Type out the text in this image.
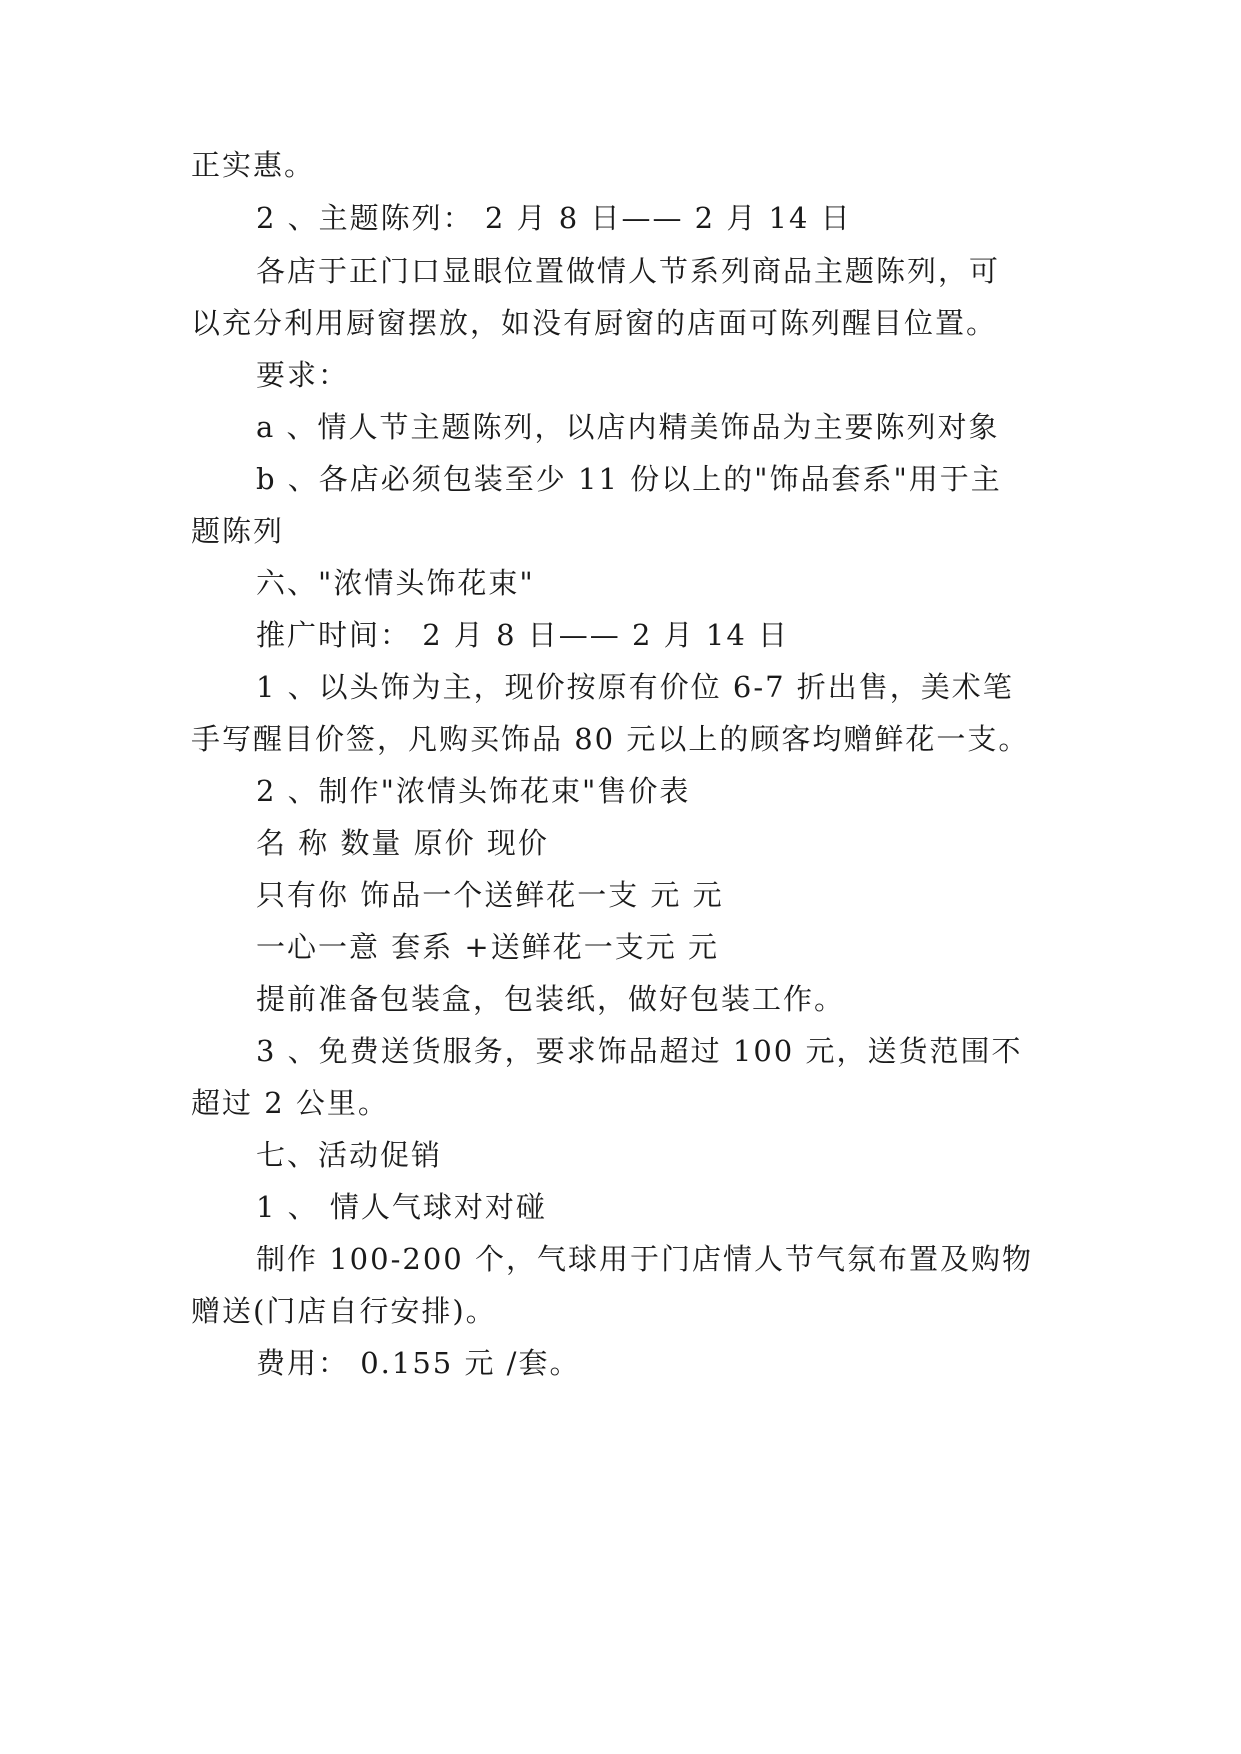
正实惠。
2 、主题陈列： 2 月 8 日—— 2 月 14 日
各店于正门口显眼位置做情人节系列商品主题陈列，可
以充分利用厨窗摆放，如没有厨窗的店面可陈列醒目位置。
要求：
a 、情人节主题陈列，以店内精美饰品为主要陈列对象
b 、各店必须包装至少 11 份以上的"饰品套系"用于主
题陈列
六、"浓情头饰花束"
推广时间： 2 月 8 日—— 2 月 14 日
1 、以头饰为主，现价按原有价位 6-7 折出售，美术笔
手写醒目价签，凡购买饰品 80 元以上的顾客均赠鲜花一支。
2 、制作"浓情头饰花束"售价表
名 称 数量 原价 现价
只有你 饰品一个送鲜花一支 元 元
一心一意 套系 +送鲜花一支元 元
提前准备包装盒，包装纸，做好包装工作。
3 、免费送货服务，要求饰品超过 100 元，送货范围不
超过 2 公里。
七、活动促销
1 、 情人气球对对碰
制作 100-200 个，气球用于门店情人节气氛布置及购物
赠送(门店自行安排)。
费用： 0.155 元 /套。
